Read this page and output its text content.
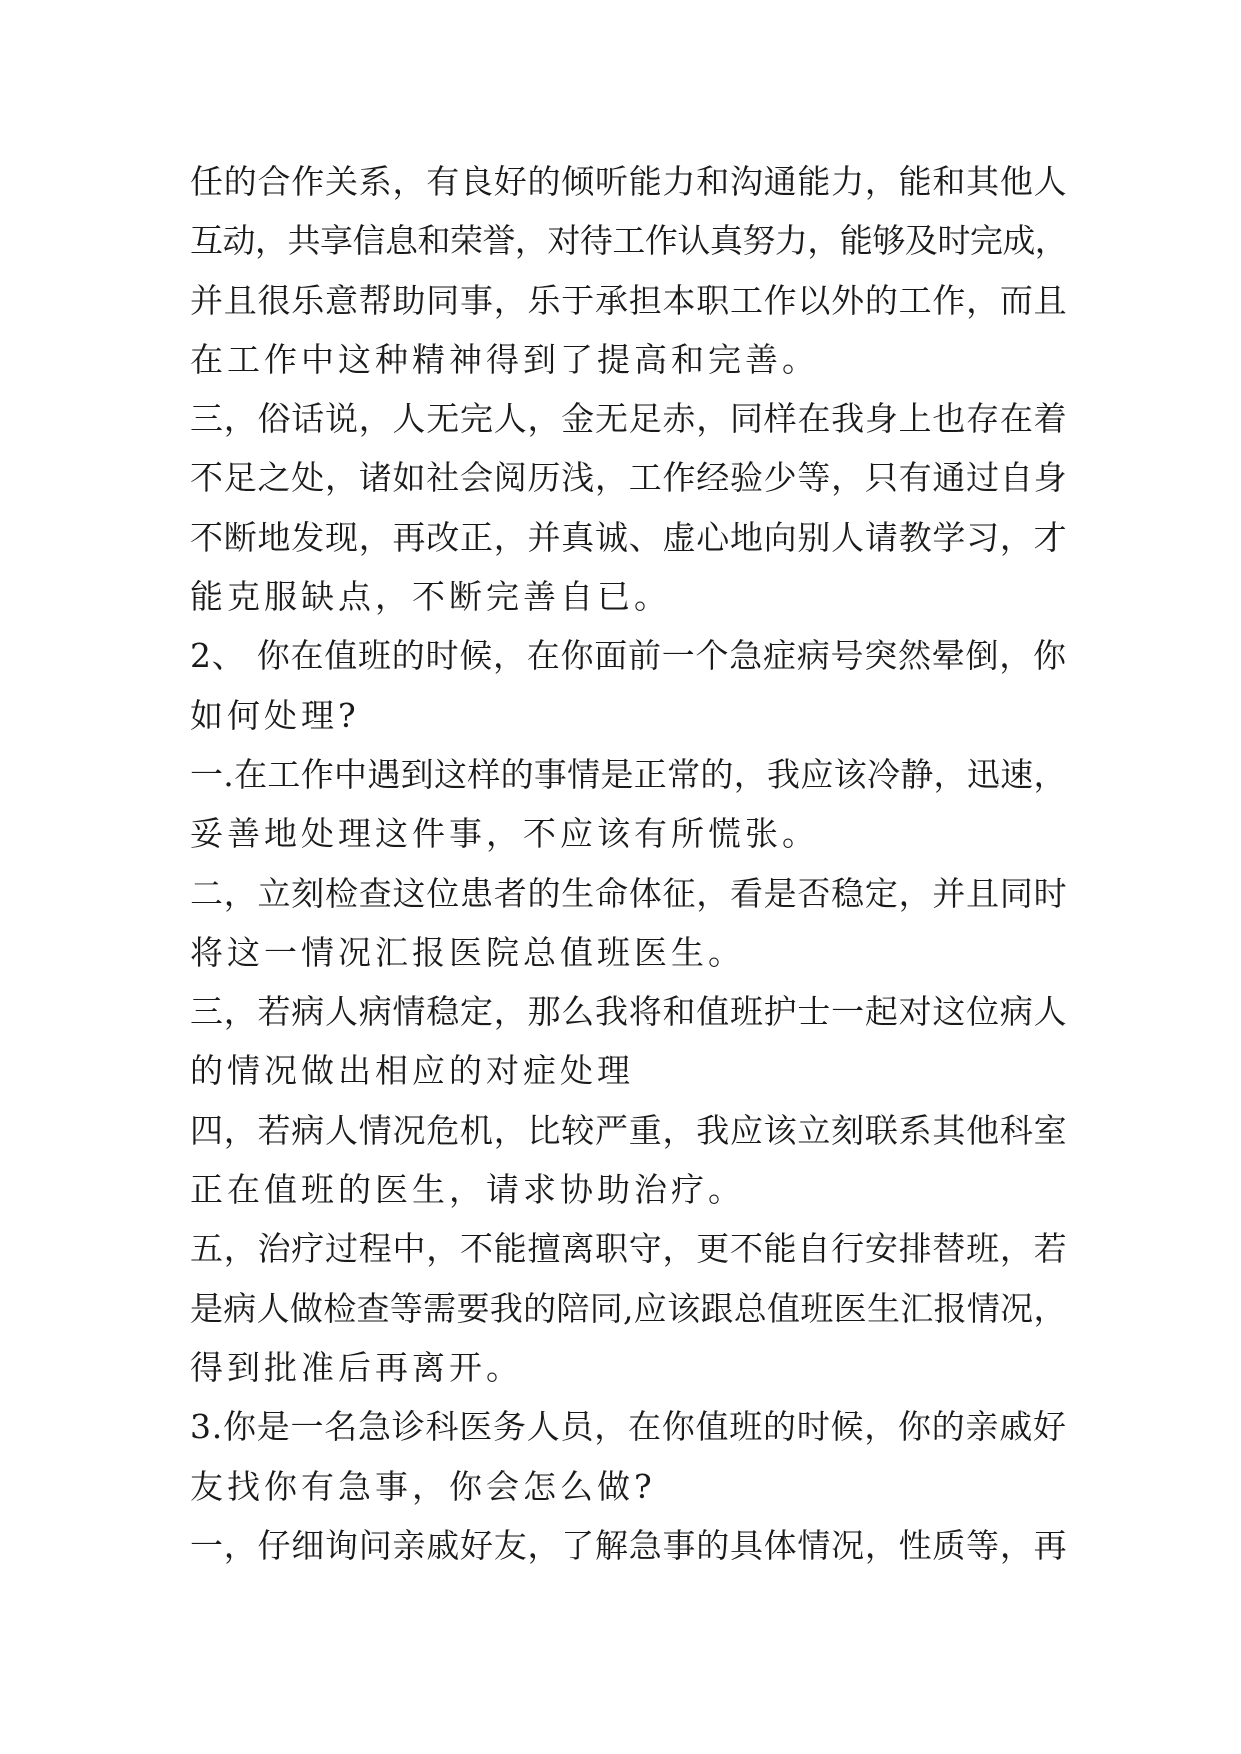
任的合作关系，有良好的倾听能力和沟通能力，能和其他人
互动，共享信息和荣誉，对待工作认真努力，能够及时完成，
并且很乐意帮助同事，乐于承担本职工作以外的工作，而且
在工作中这种精神得到了提高和完善。
三，俗话说，人无完人，金无足赤，同样在我身上也存在着
不足之处，诸如社会阅历浅，工作经验少等，只有通过自身
不断地发现，再改正，并真诚、虚心地向别人请教学习，才
能克服缺点，不断完善自已。
2、 你在值班的时候，在你面前一个急症病号突然晕倒，你
如何处理?
一.在工作中遇到这样的事情是正常的，我应该冷静，迅速，
妥善地处理这件事，不应该有所慌张。
二，立刻检查这位患者的生命体征，看是否稳定，并且同时
将这一情况汇报医院总值班医生。
三，若病人病情稳定，那么我将和值班护士一起对这位病人
的情况做出相应的对症处理
四，若病人情况危机，比较严重，我应该立刻联系其他科室
正在值班的医生，请求协助治疗。
五，治疗过程中，不能擅离职守，更不能自行安排替班，若
是病人做检查等需要我的陪同,应该跟总值班医生汇报情况，
得到批准后再离开。
3.你是一名急诊科医务人员，在你值班的时候，你的亲戚好
友找你有急事，你会怎么做?
一，仔细询问亲戚好友，了解急事的具体情况，性质等，再
